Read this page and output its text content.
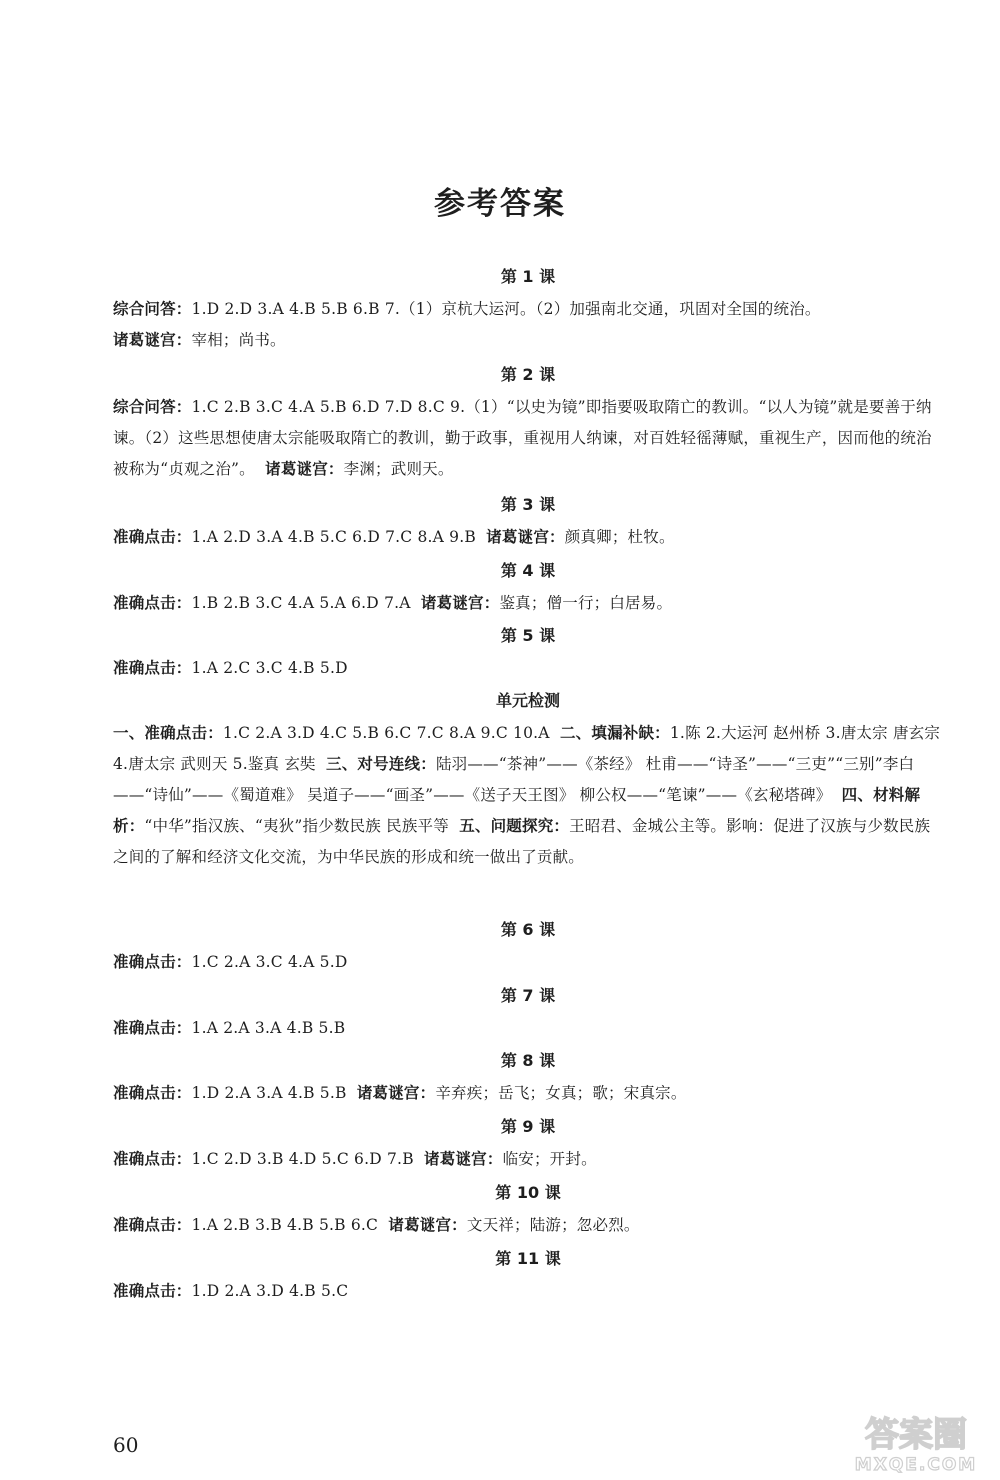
参考答案
第 1 课

综合问答：1.D 2.D 3.A 4.B 5.B 6.B 7.（1）京杭大运河。（2）加强南北交通，巩固对全国的统治。

诸葛谜宫：宰相；尚书。

第 2 课

综合问答：1.C 2.B 3.C 4.A 5.B 6.D 7.D 8.C 9.（1）“以史为镜”即指要吸取隋亡的教训。“以人为镜”就是要善于纳谏。（2）这些思想使唐太宗能吸取隋亡的教训，勤于政事，重视用人纳谏，对百姓轻徭薄赋，重视生产，因而他的统治被称为“贞观之治”。 诸葛谜宫：李渊；武则天。

第 3 课

准确点击：1.A 2.D 3.A 4.B 5.C 6.D 7.C 8.A 9.B 诸葛谜宫：颜真卿；杜牧。

第 4 课

准确点击：1.B 2.B 3.C 4.A 5.A 6.D 7.A 诸葛谜宫：鉴真；僧一行；白居易。

第 5 课

准确点击：1.A 2.C 3.C 4.B 5.D

单元检测

一、准确点击：1.C 2.A 3.D 4.C 5.B 6.C 7.C 8.A 9.C 10.A 二、填漏补缺：1.陈 2.大运河 赵州桥 3.唐太宗 唐玄宗 4.唐太宗 武则天 5.鉴真 玄奘 三、对号连线：陆羽——“茶神”——《茶经》 杜甫——“诗圣”——“三吏”“三别”李白——“诗仙”——《蜀道难》 吴道子——“画圣”——《送子天王图》 柳公权——“笔谏”——《玄秘塔碑》 四、材料解析：“中华”指汉族、“夷狄”指少数民族 民族平等 五、问题探究：王昭君、金城公主等。影响：促进了汉族与少数民族之间的了解和经济文化交流，为中华民族的形成和统一做出了贡献。

第 6 课

准确点击：1.C 2.A 3.C 4.A 5.D

第 7 课

准确点击：1.A 2.A 3.A 4.B 5.B

第 8 课

准确点击：1.D 2.A 3.A 4.B 5.B 诸葛谜宫：辛弃疾；岳飞；女真；歌；宋真宗。

第 9 课

准确点击：1.C 2.D 3.B 4.D 5.C 6.D 7.B 诸葛谜宫：临安；开封。

第 10 课

准确点击：1.A 2.B 3.B 4.B 5.B 6.C 诸葛谜宫：文天祥；陆游；忽必烈。

第 11 课

准确点击：1.D 2.A 3.D 4.B 5.C

60	答案圈
MXQE.COM
